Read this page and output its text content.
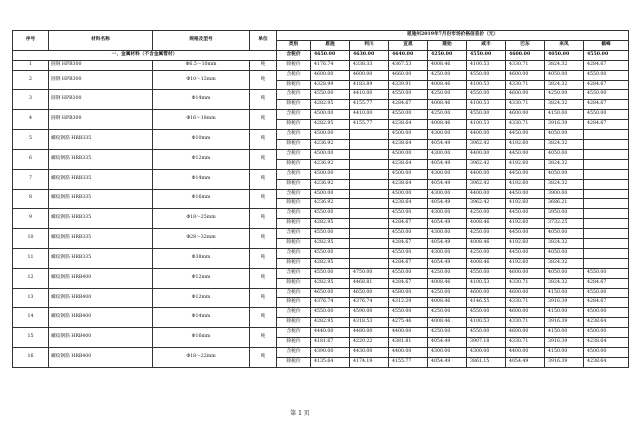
序号	材料名称	规格及型号	单位	恩施州2019年7月份市场价格信息价（元）								
				类别	恩施	利川	宣恩	建始	咸丰	巴东	来凤	鹤峰
一、金属材料（不含金属管材）				含税价	4650.00	4630.00	4640.00	4250.00	4550.00	4600.00	4050.00	4550.00
1	圆钢 HPB300	Φ6.5～10mm	吨	除税价	4176.74	4338.33	4367.53	4008.46	4100.53	4330.71	3824.32	4284.67
2	圆钢 HPB300	Φ10～12mm	吨	含税价	4600.00	4600.00	4660.00	4250.00	4550.00	4600.00	4050.00	4550.00
				除税价	4328.99	4183.89	4339.91	4008.46	4100.53	4330.71	3824.32	4284.67
3	圆钢 HPB300	Φ14mm	吨	含税价	4550.00	4410.00	4550.00	4250.00	4550.00	4600.00	4250.00	4550.00
				除税价	4282.95	4155.77	4284.67	4008.46	4100.53	4330.71	3824.32	4284.67
4	圆钢 HPB300	Φ16～18mm	吨	含税价	4500.00	4410.00	4550.00	4250.00	4550.00	4600.00	4150.00	4550.00
				除税价	4282.95	4155.77	4238.64	4008.46	4100.53	4330.71	3916.39	4284.67
5	螺纹钢筋 HRB335	Φ10mm	吨	含税价	4500.00		4500.00	4300.00	4400.00	4450.00	4050.00	
				除税价	4236.92		4238.64	4054.49	3962.42	4192.60	3824.32	
6	螺纹钢筋 HRB335	Φ12mm	吨	含税价	4500.00		4500.00	4300.00	4400.00	4450.00	4050.00	
				除税价	4236.92		4238.64	4054.49	3962.42	4192.60	3824.32	
7	螺纹钢筋 HRB335	Φ14mm	吨	含税价	4500.00		4500.00	4300.00	4400.00	4450.00	4050.00	
				除税价	4236.92		4238.64	4054.49	3962.42	4192.60	3824.32	
8	螺纹钢筋 HRB335	Φ16mm	吨	含税价	4500.00		4500.00	4300.00	4400.00	4450.00	3900.00	
				除税价	4236.92		4238.64	4054.49	3962.42	4192.60	3686.21	
9	螺纹钢筋 HRB335	Φ18～25mm	吨	含税价	4550.00		4550.00	4300.00	4250.00	4450.00	3950.00	
				除税价	4282.95		4284.67	4054.49	4008.46	4192.60	3732.25	
10	螺纹钢筋 HRB335	Φ28～32mm	吨	含税价	4550.00		4550.00	4300.00	4250.00	4450.00	4050.00	
				除税价	4282.95		4284.67	4054.49	4008.46	4192.60	3824.32	
11	螺纹钢筋 HRB335	Φ38mm	吨	含税价	4550.00		4550.00	4300.00	4250.00	4450.00	4050.00	
				除税价	4282.95		4284.67	4054.49	4008.46	4192.60	3824.32	
12	螺纹钢筋 HRB400	Φ12mm	吨	含税价	4550.00	4750.00	4550.00	4250.00	4550.00	4600.00	4050.00	4550.00
				除税价	4282.95	4468.81	4284.67	4008.46	4100.53	4330.71	3824.32	4284.67
13	螺纹钢筋 HRB400	Φ12mm	吨	含税价	4650.00	4650.00	4580.00	4250.00	4600.00	4600.00	4150.00	4550.00
				除税价	4376.74	4376.74	4312.29	4008.46	4146.55	4330.71	3916.39	4284.67
14	螺纹钢筋 HRB400	Φ14mm	吨	含税价	4550.00	4590.00	4550.00	4250.00	4550.00	4600.00	4150.00	4500.00
				除税价	4282.95	4318.53	4275.46	4008.46	4100.53	4330.71	3916.39	4238.64
15	螺纹钢筋 HRB400	Φ16mm	吨	含税价	4440.00	4480.00	4400.00	4250.00	4550.00	4600.00	4150.00	4500.00
				除税价	4181.67	4220.22	4381.81	4054.49	3907.18	4330.71	3916.39	4238.64
16	螺纹钢筋 HRB400	Φ18～22mm	吨	含税价	4390.00	4430.00	4400.00	4300.00	4300.00	4400.00	4150.00	4500.00
				除税价	4135.64	4174.19	4155.77	4054.49	3861.15	4054.49	3916.39	4238.64
第 1 页
